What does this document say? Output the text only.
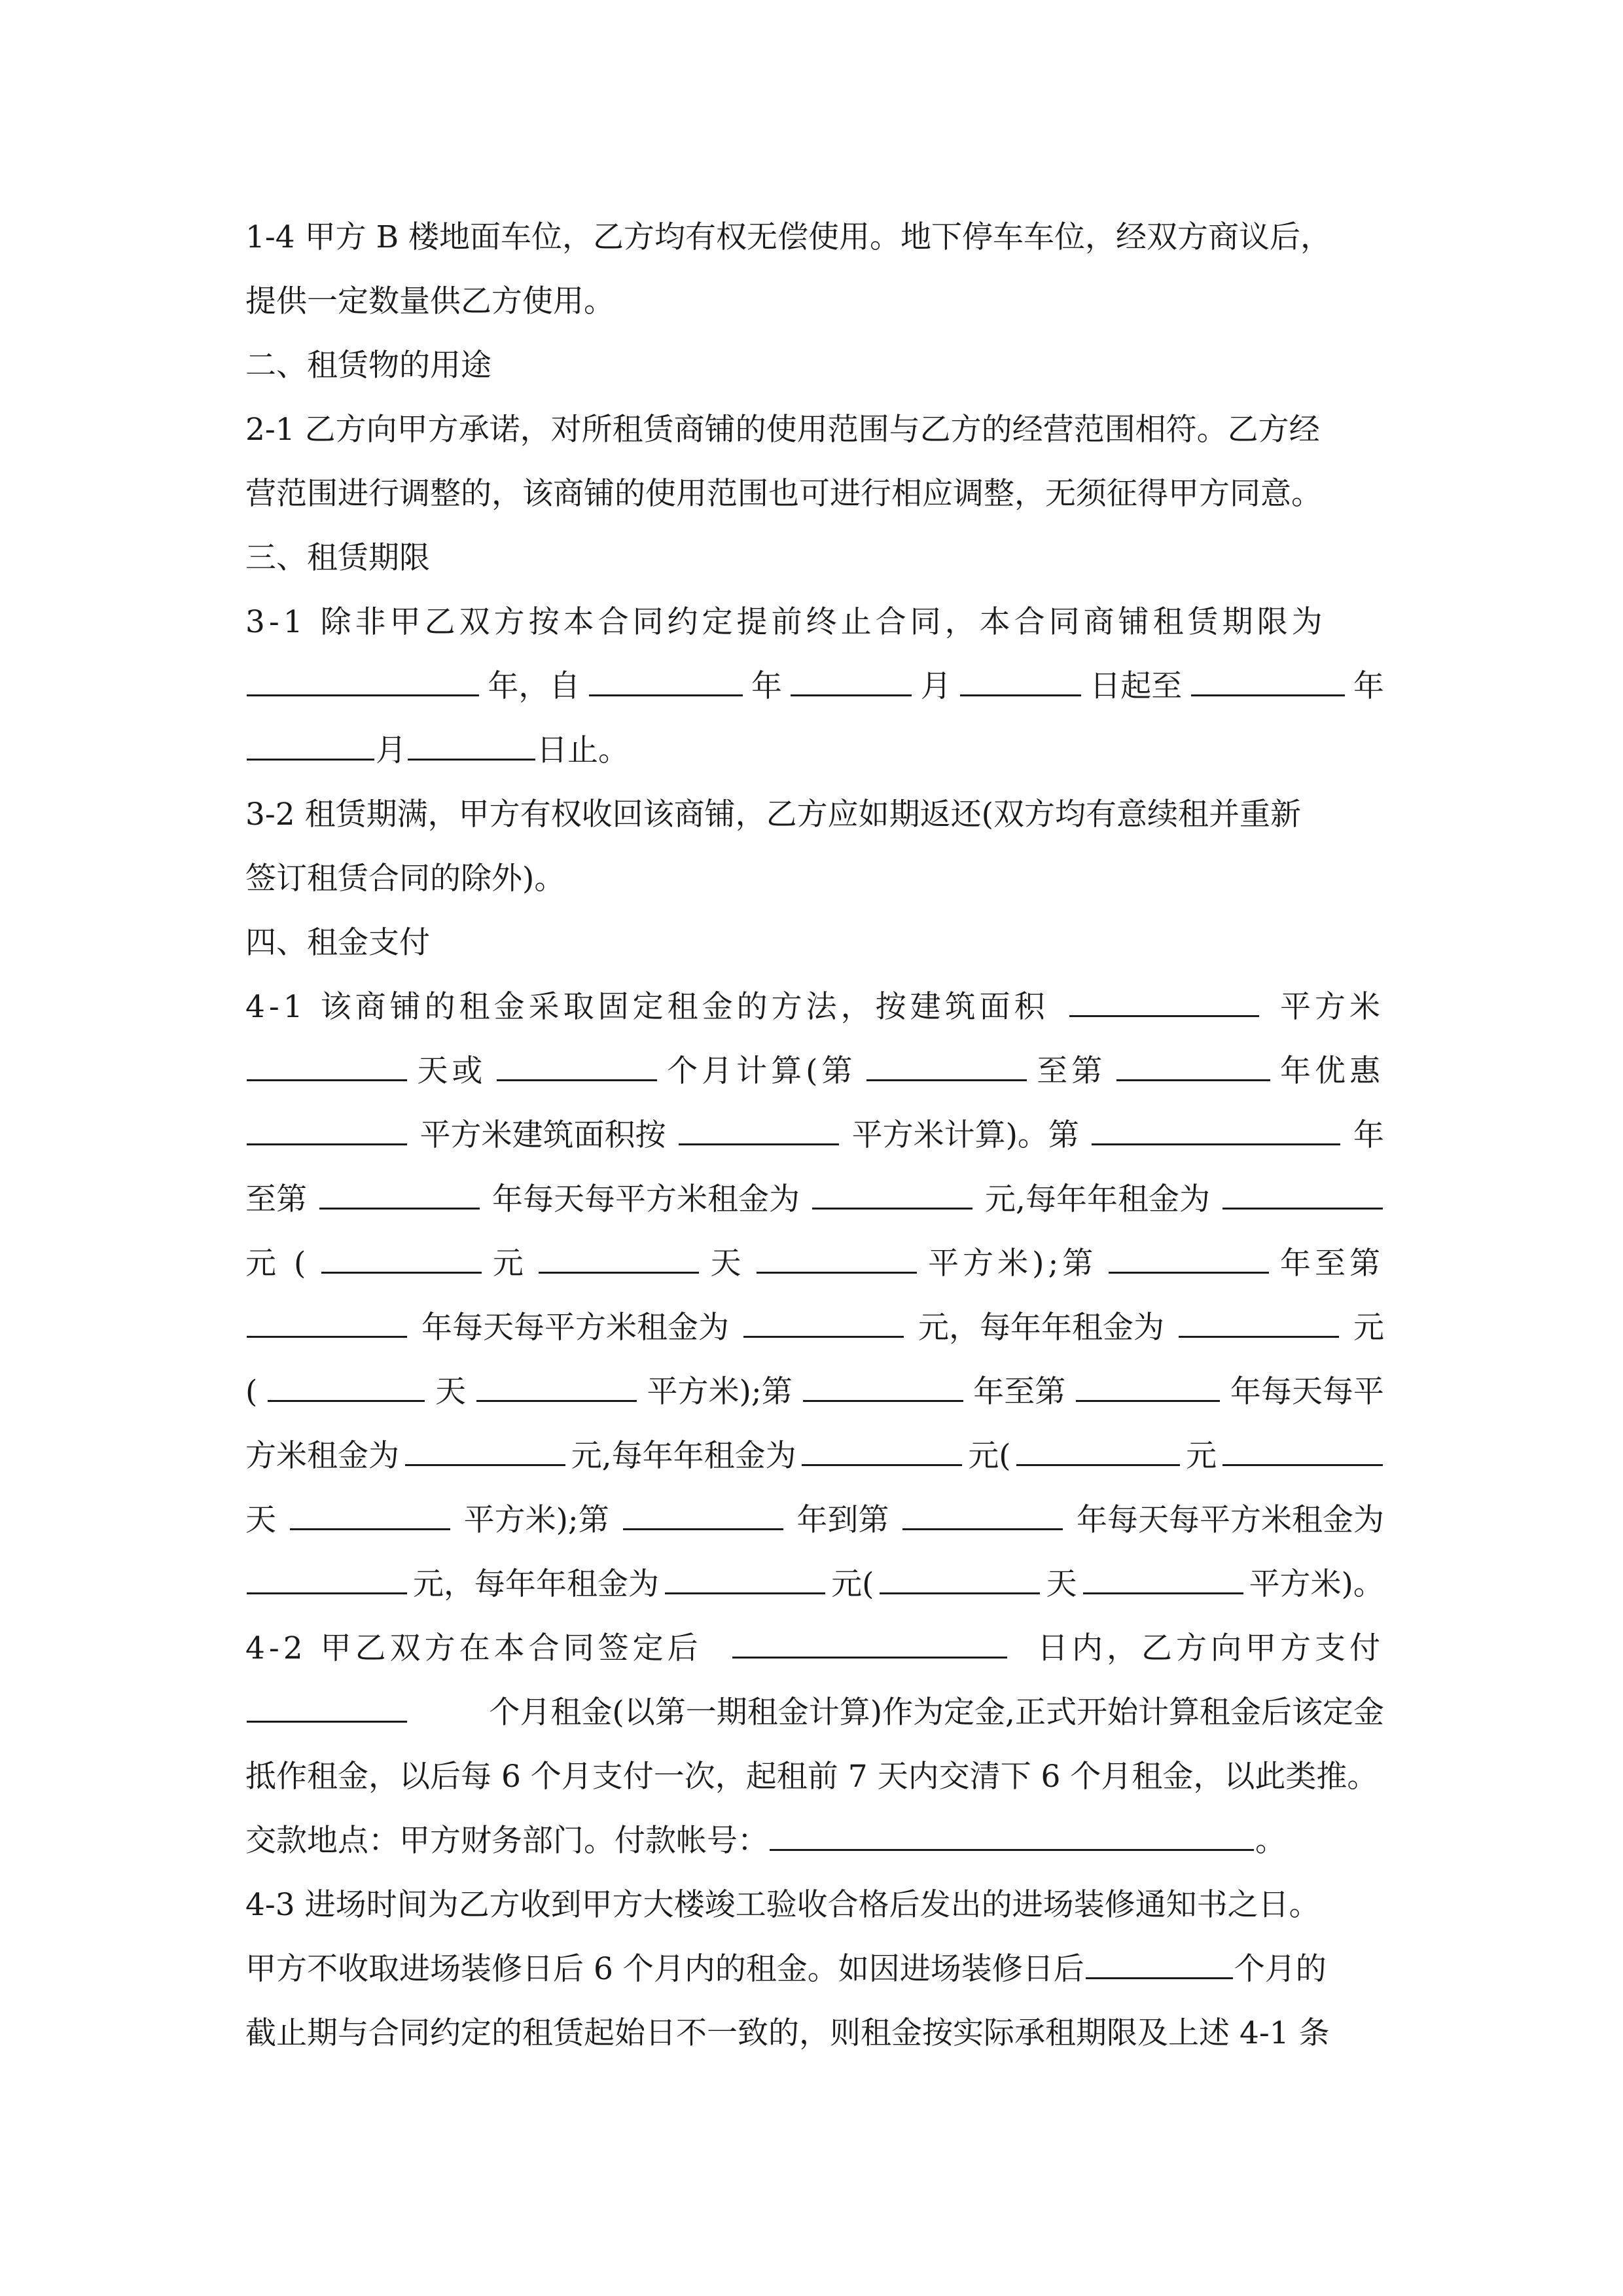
1-4 甲方 B 楼地面车位，乙方均有权无偿使用。地下停车车位，经双方商议后，
提供一定数量供乙方使用。
二、租赁物的用途
2-1 乙方向甲方承诺，对所租赁商铺的使用范围与乙方的经营范围相符。乙方经
营范围进行调整的，该商铺的使用范围也可进行相应调整，无须征得甲方同意。
三、租赁期限
3-1 除非甲乙双方按本合同约定提前终止合同，本合同商铺租赁期限为
年，自	年	月	日起至	年
月	日止。
3-2 租赁期满，甲方有权收回该商铺，乙方应如期返还(双方均有意续租并重新
签订租赁合同的除外)。
四、租金支付
4-1 该商铺的租金采取固定租金的方法，按建筑面积	平方米
天或	个月计算(第	至第	年优惠
平方米建筑面积按	平方米计算)。第	年
至第	年每天每平方米租金为	元,每年年租金为
元 (	元	天	平方米);第	年至第
年每天每平方米租金为	元，每年年租金为	元
(	天	平方米);第	年至第	年每天每平
方米租金为	元,每年年租金为	元(	元
天	平方米);第	年到第	年每天每平方米租金为
元，每年年租金为	元(	天	平方米)。
4-2 甲乙双方在本合同签定后	日内，乙方向甲方支付
个月租金(以第一期租金计算)作为定金,正式开始计算租金后该定金
抵作租金，以后每 6 个月支付一次，起租前 7 天内交清下 6 个月租金，以此类推。
交款地点：甲方财务部门。付款帐号：	。
4-3 进场时间为乙方收到甲方大楼竣工验收合格后发出的进场装修通知书之日。
甲方不收取进场装修日后 6 个月内的租金。如因进场装修日后	个月的
截止期与合同约定的租赁起始日不一致的，则租金按实际承租期限及上述 4-1 条
